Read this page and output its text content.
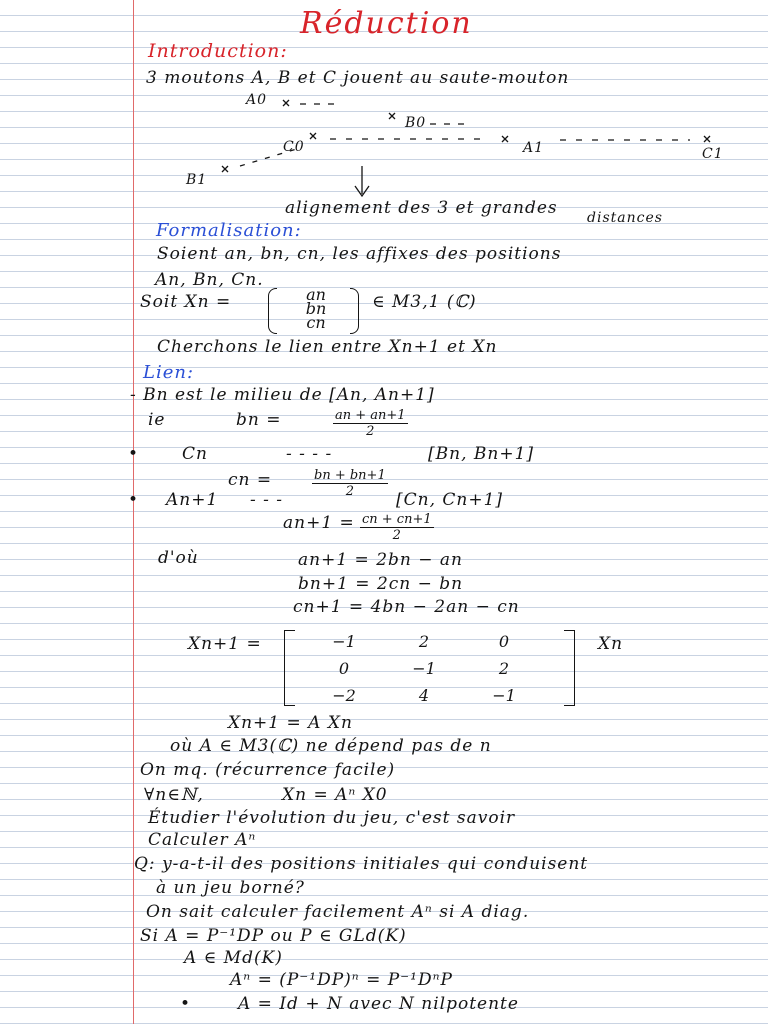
Réduction
Introduction:
3 moutons A, B et C jouent au saute-mouton
A0
B0
C0	A1	C1
B1
alignement des 3 et grandes distances
Formalisation:
Soient an, bn, cn, les affixes des positions
An, Bn, Cn.
Soit Xn =	an
bn
cn
∈ M3,1 (ℂ)
Cherchons le lien entre Xn+1 et Xn
Lien:
- Bn est le milieu de [An, An+1]
ie	bn =	$\frac{an + an+1}{2}$
•	Cn	- - - -	[Bn, Bn+1]
cn =	$\frac{bn + bn+1}{2}$
• An+1 - - -	[Cn, Cn+1]
$an+1 = \frac{cn + cn+1}{2}$
d'où	an+1 = 2bn − an
bn+1 = 2cn − bn
cn+1 = 4bn − 2an − cn
Xn+1 =	−1	2	0
0	−1	2
−2	4	−1
Xn
Xn+1 = A Xn
où A ∈ M3(ℂ) ne dépend pas de n
On mq. (récurrence facile)
∀n∈ℕ,	Xn = Aⁿ X0
Étudier l'évolution du jeu, c'est savoir
Calculer Aⁿ
Q: y-a-t-il des positions initiales qui conduisent
à un jeu borné?
On sait calculer facilement Aⁿ si A diag.
Si A = P⁻¹DP ou P ∈ GLd(K)
A ∈ Md(K)
Aⁿ = (P⁻¹DP)ⁿ = P⁻¹DⁿP
•	A = Id + N avec N nilpotente
